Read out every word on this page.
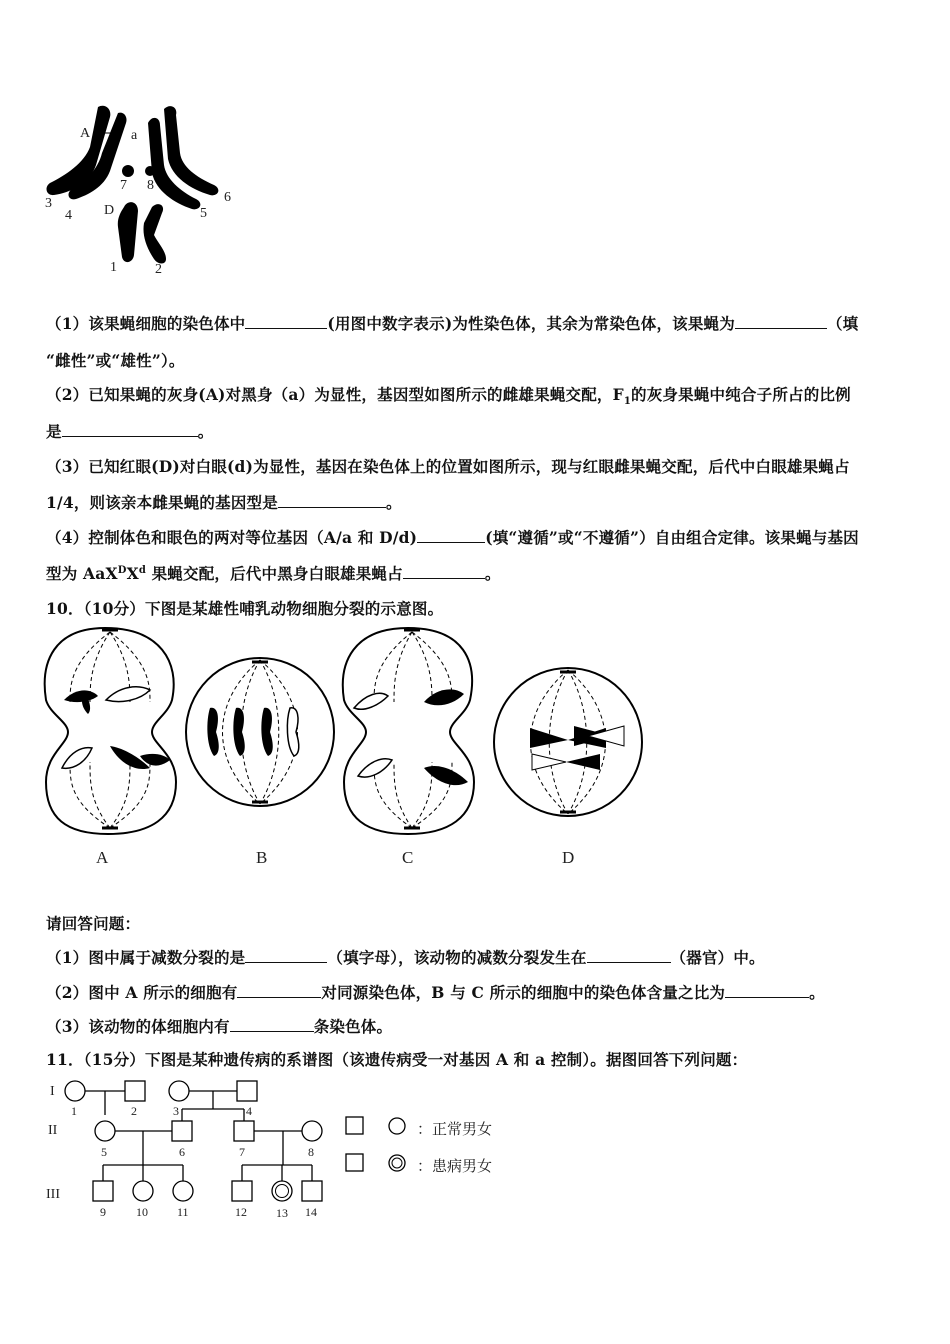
A	a
7 8
3
4 D	5
6
1	2
（1）该果蝇细胞的染色体中	(用图中数字表示)为性染色体，其余为常染色体，该果蝇为	（填
“雌性”或“雄性”）。
（2）已知果蝇的灰身(A)对黑身（a）为显性，基因型如图所示的雌雄果蝇交配，$F_1$的灰身果蝇中纯合子所占的比例
是	。
（3）已知红眼(D)对白眼(d)为显性，基因在染色体上的位置如图所示，现与红眼雌果蝇交配，后代中白眼雄果蝇占
1/4，则该亲本雌果蝇的基因型是	。
（4）控制体色和眼色的两对等位基因（A/a 和 D/d)	(填“遵循”或“不遵循”）自由组合定律。该果蝇与基因
型为 $AaX^DX^d$ 果蝇交配，后代中黑身白眼雄果蝇占	。
10．（10分）下图是某雄性哺乳动物细胞分裂的示意图。
A	B	C	D
请回答问题：
（1）图中属于减数分裂的是	（填字母），该动物的减数分裂发生在	（器官）中。
（2）图中 A 所示的细胞有	对同源染色体，B 与 C 所示的细胞中的染色体含量之比为	。
（3）该动物的体细胞内有	条染色体。
11．（15分）下图是某种遗传病的系谱图（该遗传病受一对基因 A 和 a 控制）。据图回答下列问题：
I
II
III
1	2	3	4
5	6	7	8
9	10 11	12 13 14
：正常男女
：患病男女
